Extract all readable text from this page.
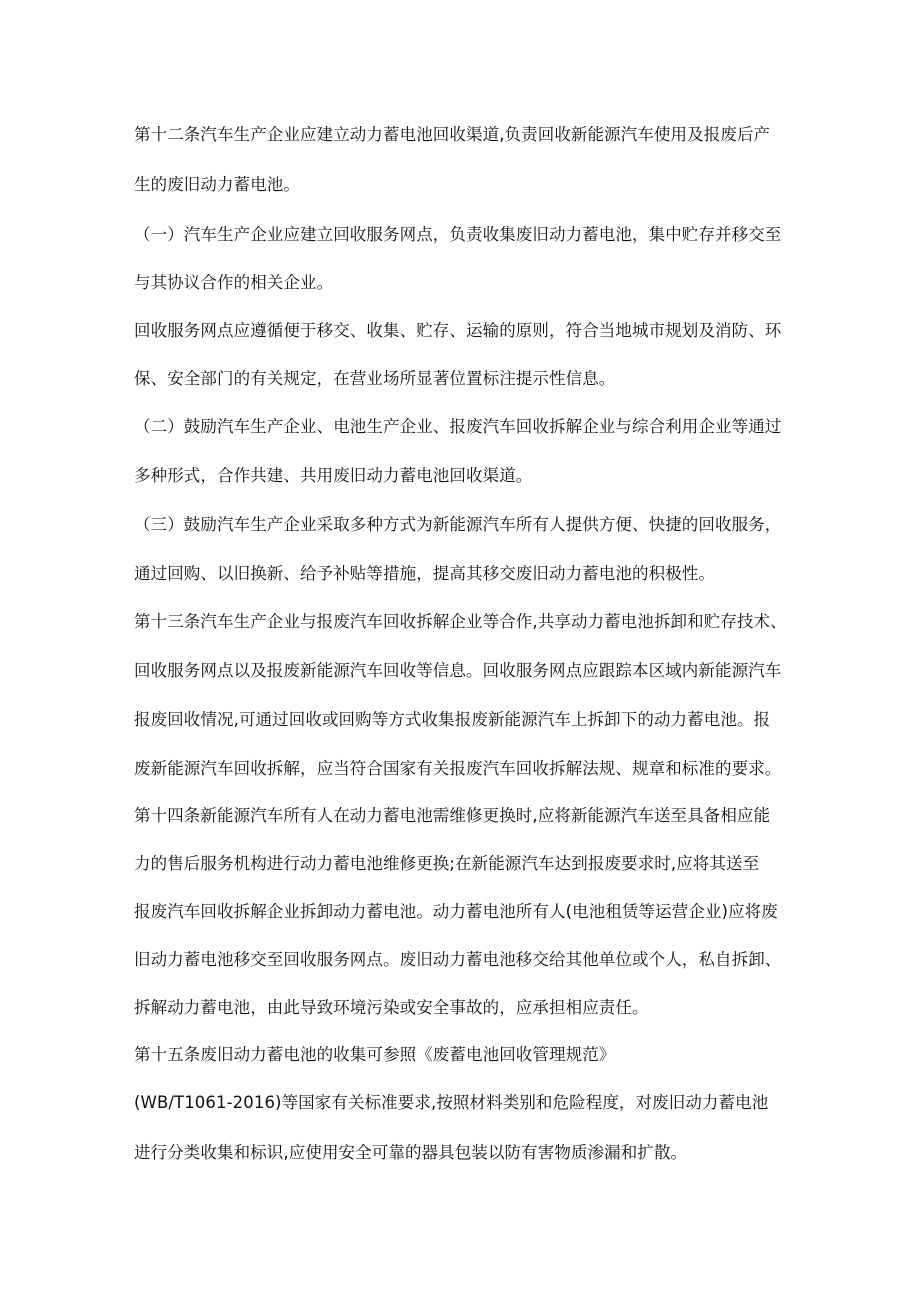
第十二条汽车生产企业应建立动力蓄电池回收渠道,负责回收新能源汽车使用及报废后产
生的废旧动力蓄电池。
（一）汽车生产企业应建立回收服务网点，负责收集废旧动力蓄电池，集中贮存并移交至
与其协议合作的相关企业。
回收服务网点应遵循便于移交、收集、贮存、运输的原则，符合当地城市规划及消防、环
保、安全部门的有关规定，在营业场所显著位置标注提示性信息。
（二）鼓励汽车生产企业、电池生产企业、报废汽车回收拆解企业与综合利用企业等通过
多种形式，合作共建、共用废旧动力蓄电池回收渠道。
（三）鼓励汽车生产企业采取多种方式为新能源汽车所有人提供方便、快捷的回收服务，
通过回购、以旧换新、给予补贴等措施，提高其移交废旧动力蓄电池的积极性。
第十三条汽车生产企业与报废汽车回收拆解企业等合作,共享动力蓄电池拆卸和贮存技术、
回收服务网点以及报废新能源汽车回收等信息。回收服务网点应跟踪本区域内新能源汽车
报废回收情况,可通过回收或回购等方式收集报废新能源汽车上拆卸下的动力蓄电池。报
废新能源汽车回收拆解，应当符合国家有关报废汽车回收拆解法规、规章和标准的要求。
第十四条新能源汽车所有人在动力蓄电池需维修更换时,应将新能源汽车送至具备相应能
力的售后服务机构进行动力蓄电池维修更换;在新能源汽车达到报废要求时,应将其送至
报废汽车回收拆解企业拆卸动力蓄电池。动力蓄电池所有人(电池租赁等运营企业)应将废
旧动力蓄电池移交至回收服务网点。废旧动力蓄电池移交给其他单位或个人，私自拆卸、
拆解动力蓄电池，由此导致环境污染或安全事故的，应承担相应责任。
第十五条废旧动力蓄电池的收集可参照《废蓄电池回收管理规范》
(WB/T1061-2016)等国家有关标准要求,按照材料类别和危险程度，对废旧动力蓄电池
进行分类收集和标识,应使用安全可靠的器具包装以防有害物质渗漏和扩散。
